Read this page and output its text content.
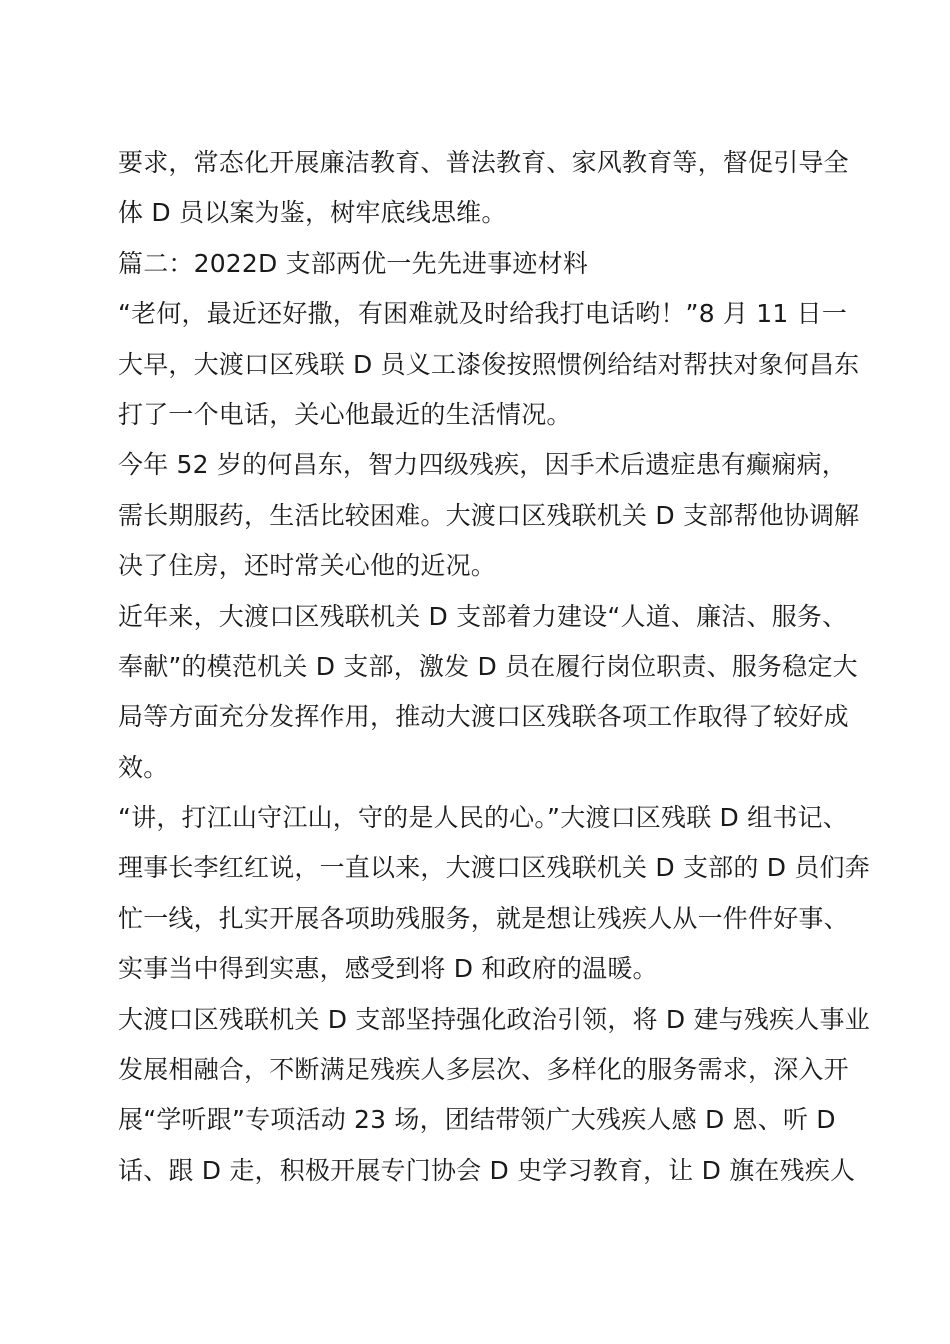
要求，常态化开展廉洁教育、普法教育、家风教育等，督促引导全
体 D 员以案为鉴，树牢底线思维。
篇二：2022D 支部两优一先先进事迹材料
“老何，最近还好撒，有困难就及时给我打电话哟！”8 月 11 日一
大早，大渡口区残联 D 员义工漆俊按照惯例给结对帮扶对象何昌东
打了一个电话，关心他最近的生活情况。
今年 52 岁的何昌东，智力四级残疾，因手术后遗症患有癫痫病，
需长期服药，生活比较困难。大渡口区残联机关 D 支部帮他协调解
决了住房，还时常关心他的近况。
近年来，大渡口区残联机关 D 支部着力建设“人道、廉洁、服务、
奉献”的模范机关 D 支部，激发 D 员在履行岗位职责、服务稳定大
局等方面充分发挥作用，推动大渡口区残联各项工作取得了较好成
效。
“讲，打江山守江山，守的是人民的心。”大渡口区残联 D 组书记、
理事长李红红说，一直以来，大渡口区残联机关 D 支部的 D 员们奔
忙一线，扎实开展各项助残服务，就是想让残疾人从一件件好事、
实事当中得到实惠，感受到将 D 和政府的温暖。
大渡口区残联机关 D 支部坚持强化政治引领，将 D 建与残疾人事业
发展相融合，不断满足残疾人多层次、多样化的服务需求，深入开
展“学听跟”专项活动 23 场，团结带领广大残疾人感 D 恩、听 D
话、跟 D 走，积极开展专门协会 D 史学习教育，让 D 旗在残疾人
